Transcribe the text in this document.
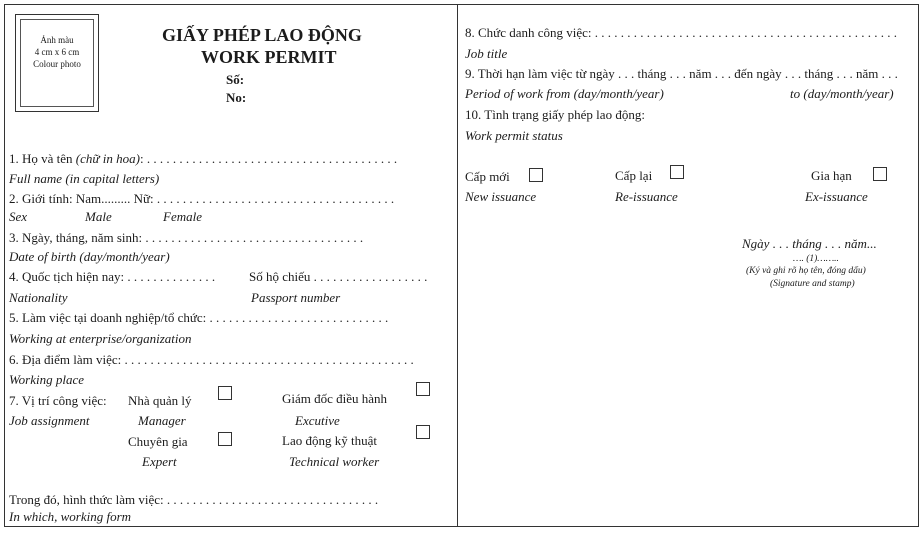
Ảnh màu
4 cm x 6 cm
Colour photo
GIẤY PHÉP LAO ĐỘNG
WORK PERMIT
Số:
No:
1. Họ và tên (chữ in hoa): . . . . . . . . . . . . . . . . . . . . . . . . . . . . . . . . . . . . . . .
Full name (in capital letters)
2. Giới tính: Nam......... Nữ: . . . . . . . . . . . . . . . . . . . . . . . . . . . . . . . . . . . . .
Sex	Male	Female
3. Ngày, tháng, năm sinh: . . . . . . . . . . . . . . . . . . . . . . . . . . . . . . . . . .
Date of birth (day/month/year)
4. Quốc tịch hiện nay: . . . . . . . . . . . . . .	Số hộ chiếu . . . . . . . . . . . . . . . . . .
Nationality	Passport number
5. Làm việc tại doanh nghiệp/tổ chức: . . . . . . . . . . . . . . . . . . . . . . . . . . . .
Working at enterprise/organization
6. Địa điểm làm việc: . . . . . . . . . . . . . . . . . . . . . . . . . . . . . . . . . . . . . . . . . . . . .
Working place
7. Vị trí công việc: Nhà quản lý	Giám đốc điều hành
Job assignment	Manager	Excutive
Chuyên gia	Lao động kỹ thuật
Expert	Technical worker
Trong đó, hình thức làm việc: . . . . . . . . . . . . . . . . . . . . . . . . . . . . . . . . .
In which, working form
8. Chức danh công việc: . . . . . . . . . . . . . . . . . . . . . . . . . . . . . . . . . . . . . . . . . . . . . . .
Job title
9. Thời hạn làm việc từ ngày . . . tháng . . . năm . . . đến ngày . . . tháng . . . năm . . .
Period of work from (day/month/year)	to (day/month/year)
10. Tình trạng giấy phép lao động:
Work permit status
Cấp mới
New issuance
Cấp lại
Re-issuance
Gia hạn
Ex-issuance
Ngày . . . tháng . . . năm...
…. (1)……..
(Ký và ghi rõ họ tên, đóng dấu)
(Signature and stamp)
